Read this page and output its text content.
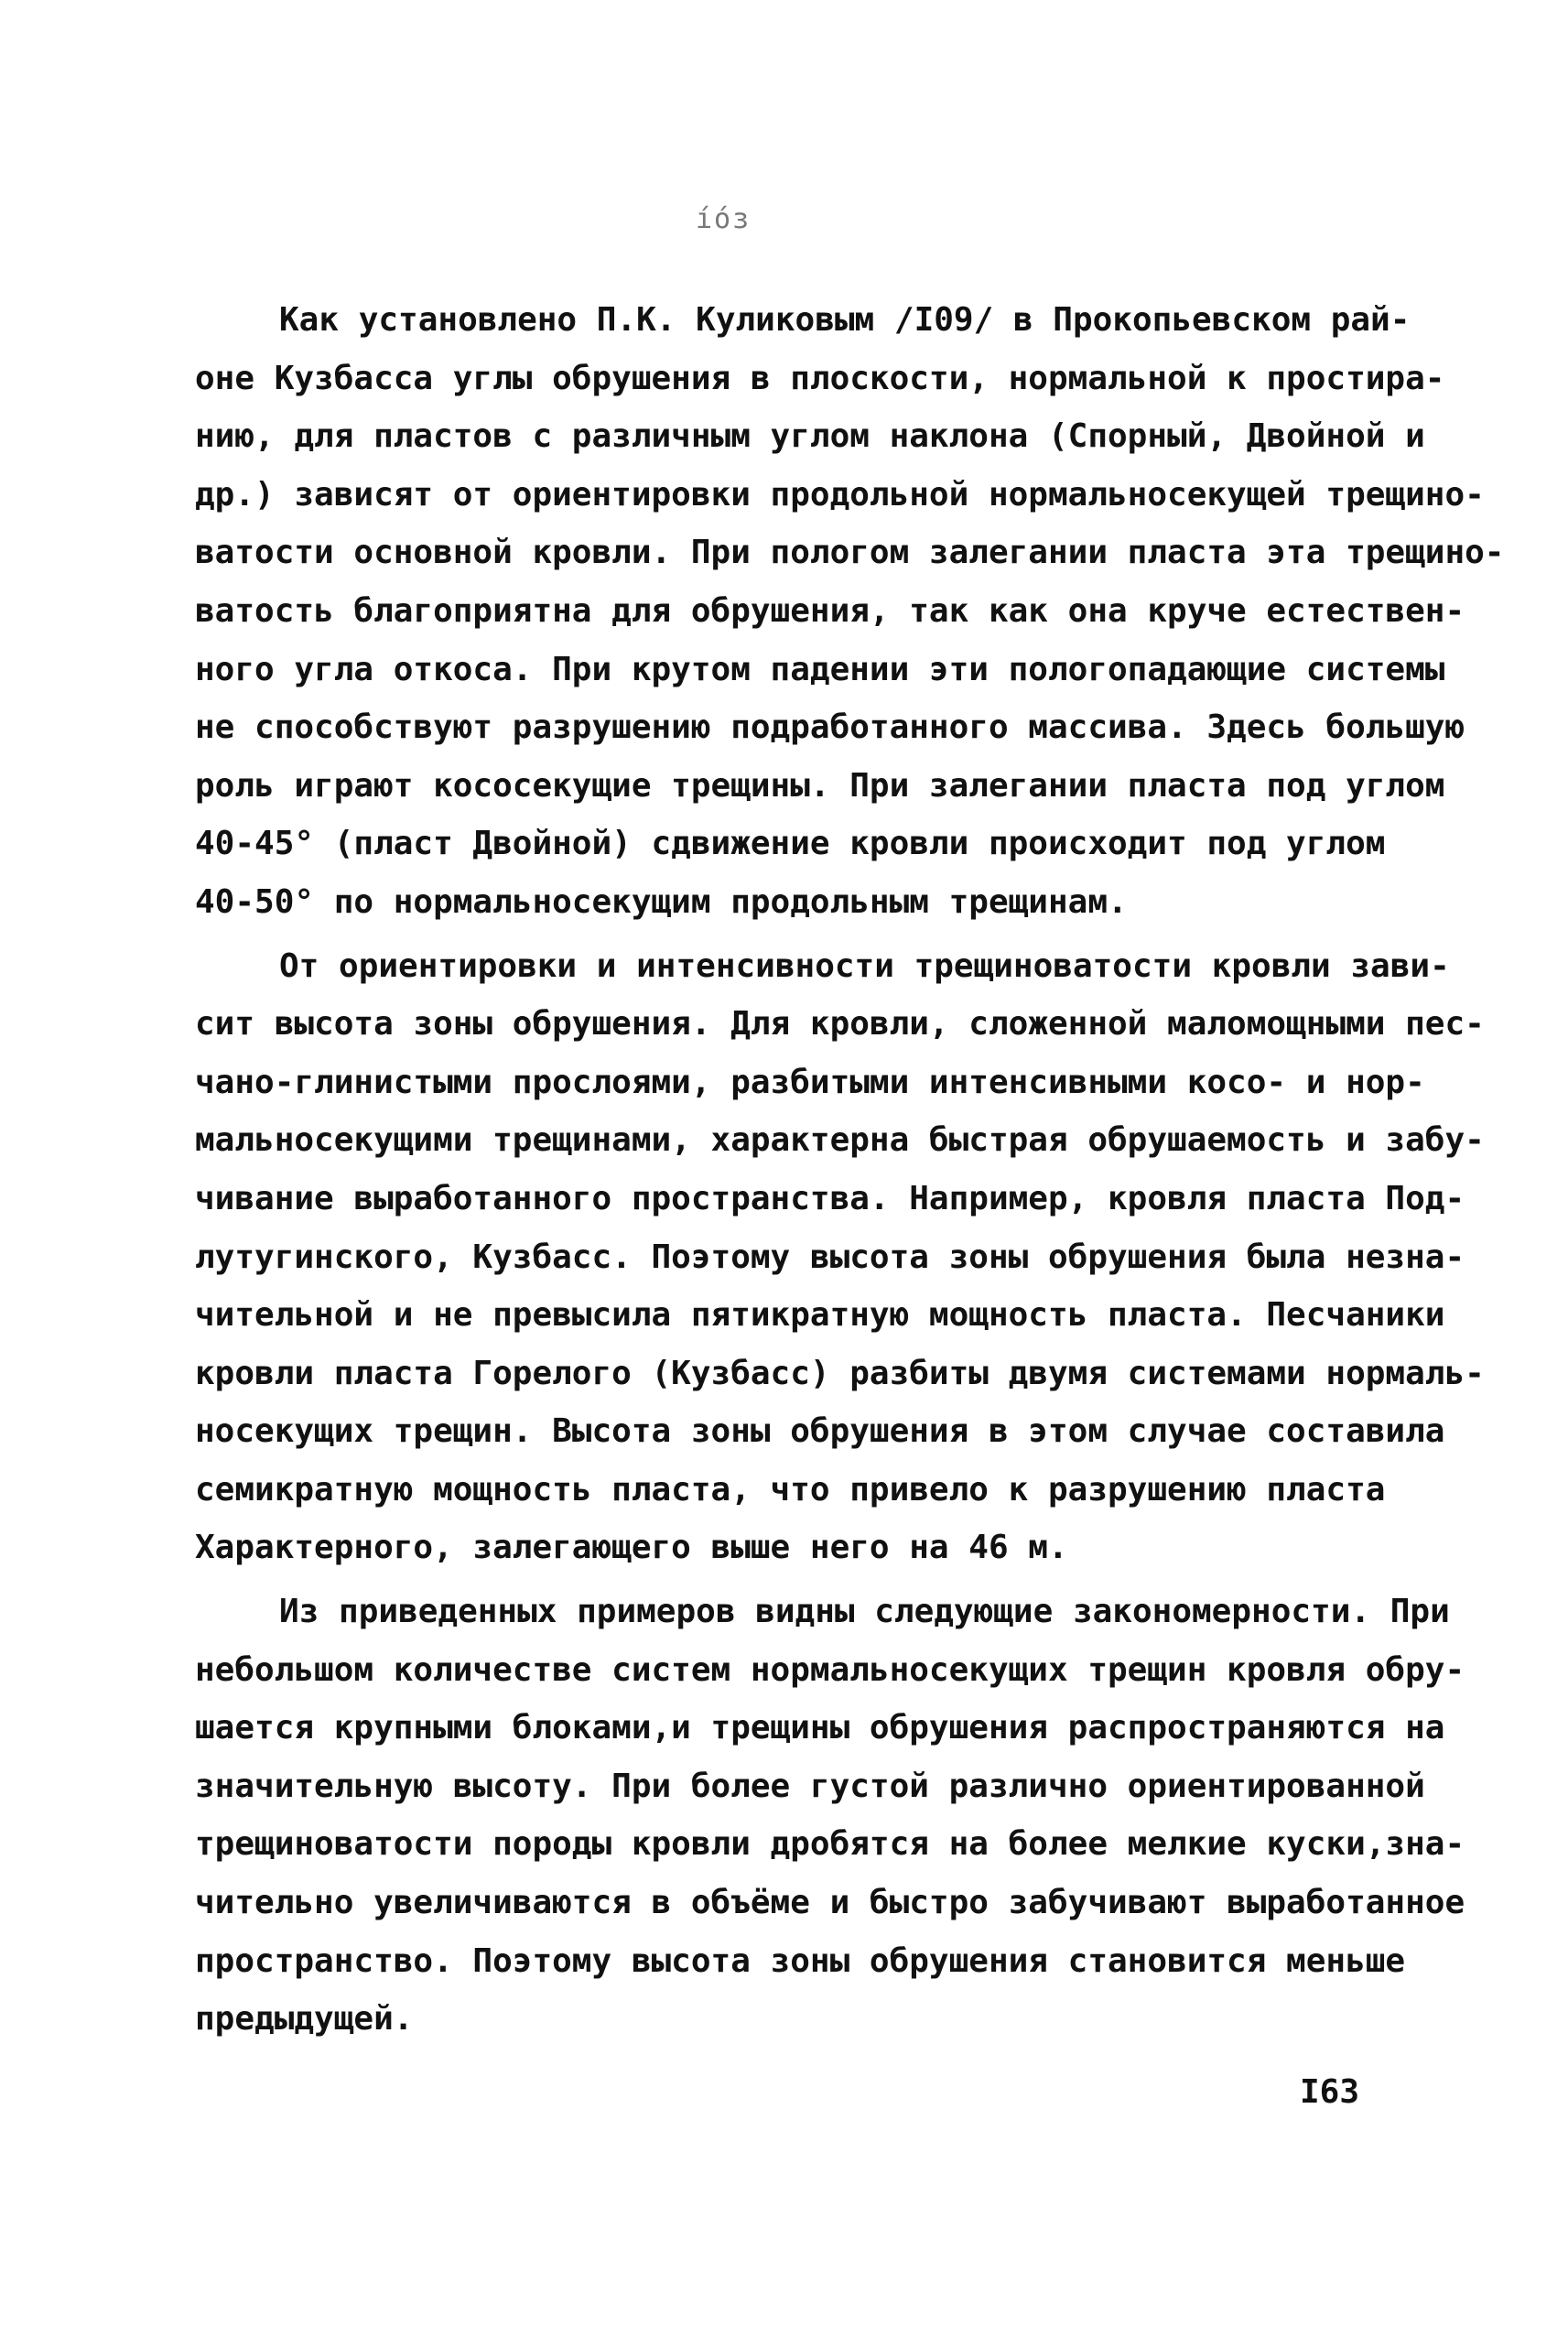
íóз
Как установлено П.К. Куликовым /I09/ в Прокопьевском рай-
оне Кузбасса углы обрушения в плоскости, нормальной к простира-
нию, для пластов с различным углом наклона (Спорный, Двойной и
др.) зависят от ориентировки продольной нормальносекущей трещино-
ватости основной кровли. При пологом залегании пласта эта трещино-
ватость благоприятна для обрушения, так как она круче естествен-
ного угла откоса. При крутом падении эти пологопадающие системы
не способствуют разрушению подработанного массива. Здесь большую
роль играют кососекущие трещины. При залегании пласта под углом
40-45° (пласт Двойной) сдвижение кровли происходит под углом
40-50° по нормальносекущим продольным трещинам.
От ориентировки и интенсивности трещиноватости кровли зави-
сит высота зоны обрушения. Для кровли, сложенной маломощными пес-
чано-глинистыми прослоями, разбитыми интенсивными косо- и нор-
мальносекущими трещинами, характерна быстрая обрушаемость и забу-
чивание выработанного пространства. Например, кровля пласта Под-
лутугинского, Кузбасс. Поэтому высота зоны обрушения была незна-
чительной и не превысила пятикратную мощность пласта. Песчаники
кровли пласта Горелого (Кузбасс) разбиты двумя системами нормаль-
носекущих трещин. Высота зоны обрушения в этом случае составила
семикратную мощность пласта, что привело к разрушению пласта
Характерного, залегающего выше него на 46 м.
Из приведенных примеров видны следующие закономерности. При
небольшом количестве систем нормальносекущих трещин кровля обру-
шается крупными блоками,и трещины обрушения распространяются на
значительную высоту. При более густой различно ориентированной
трещиноватости породы кровли дробятся на более мелкие куски,зна-
чительно увеличиваются в объёме и быстро забучивают выработанное
пространство. Поэтому высота зоны обрушения становится меньше
предыдущей.
I63
